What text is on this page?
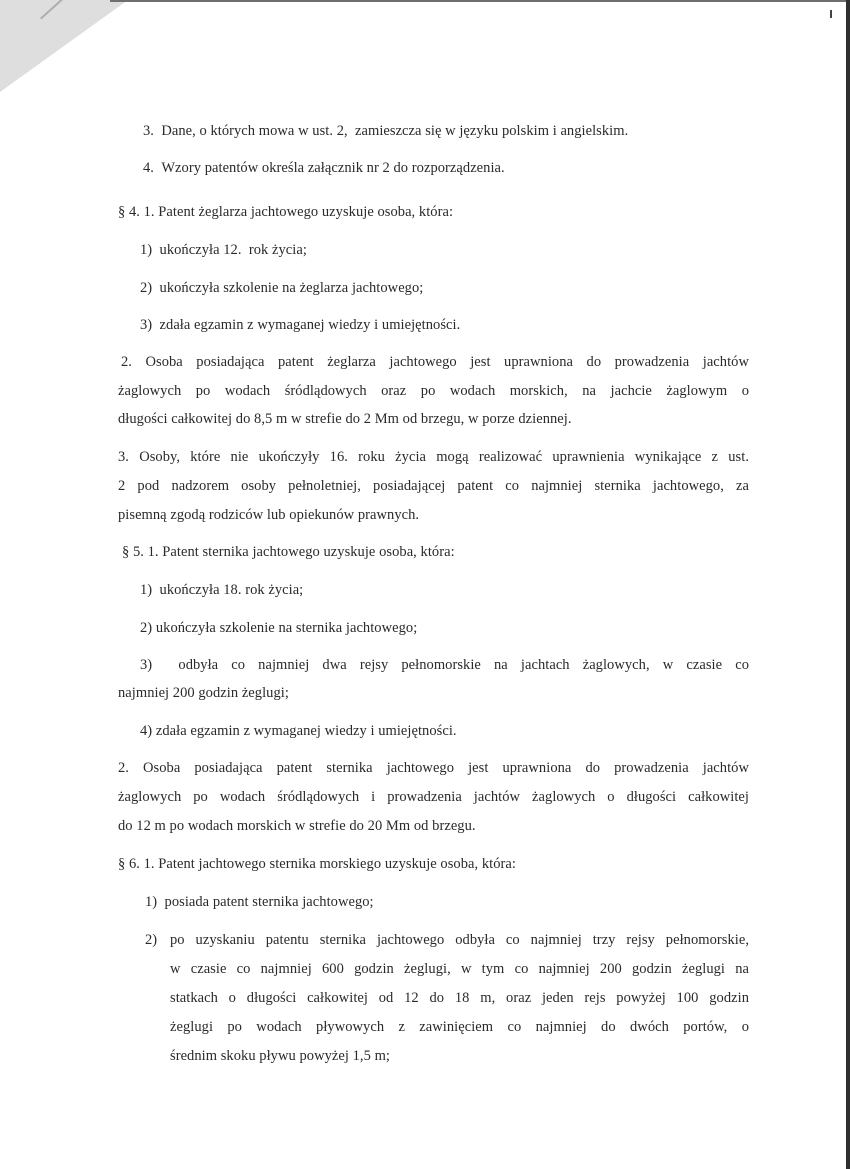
3.  Dane, o których mowa w ust. 2,  zamieszcza się w języku polskim i angielskim.
4.  Wzory patentów określa załącznik nr 2 do rozporządzenia.
§ 4. 1. Patent żeglarza jachtowego uzyskuje osoba, która:
1)  ukończyła 12.  rok życia;
2)  ukończyła szkolenie na żeglarza jachtowego;
3)  zdała egzamin z wymaganej wiedzy i umiejętności.
2. Osoba posiadająca patent żeglarza jachtowego jest uprawniona do prowadzenia jachtów
żaglowych po wodach śródlądowych oraz po wodach morskich, na jachcie żaglowym o
długości całkowitej do 8,5 m w strefie do 2 Mm od brzegu, w porze dziennej.
3. Osoby, które nie ukończyły 16. roku życia mogą realizować uprawnienia wynikające z ust.
2 pod nadzorem osoby pełnoletniej, posiadającej patent co najmniej sternika jachtowego, za
pisemną zgodą rodziców lub opiekunów prawnych.
§ 5. 1. Patent sternika jachtowego uzyskuje osoba, która:
1)  ukończyła 18. rok życia;
2) ukończyła szkolenie na sternika jachtowego;
3)  odbyła co najmniej dwa rejsy pełnomorskie na jachtach żaglowych, w czasie co
najmniej 200 godzin żeglugi;
4) zdała egzamin z wymaganej wiedzy i umiejętności.
2. Osoba posiadająca patent sternika jachtowego jest uprawniona do prowadzenia jachtów
żaglowych po wodach śródlądowych i prowadzenia jachtów żaglowych o długości całkowitej
do 12 m po wodach morskich w strefie do 20 Mm od brzegu.
§ 6. 1. Patent jachtowego sternika morskiego uzyskuje osoba, która:
1)  posiada patent sternika jachtowego;
2) po uzyskaniu patentu sternika jachtowego odbyła co najmniej trzy rejsy pełnomorskie,
w czasie co najmniej 600 godzin żeglugi, w tym co najmniej 200 godzin żeglugi na
statkach o długości całkowitej od 12 do 18 m, oraz jeden rejs powyżej 100 godzin
żeglugi po wodach pływowych z zawinięciem co najmniej do dwóch portów, o
średnim skoku pływu powyżej 1,5 m;
